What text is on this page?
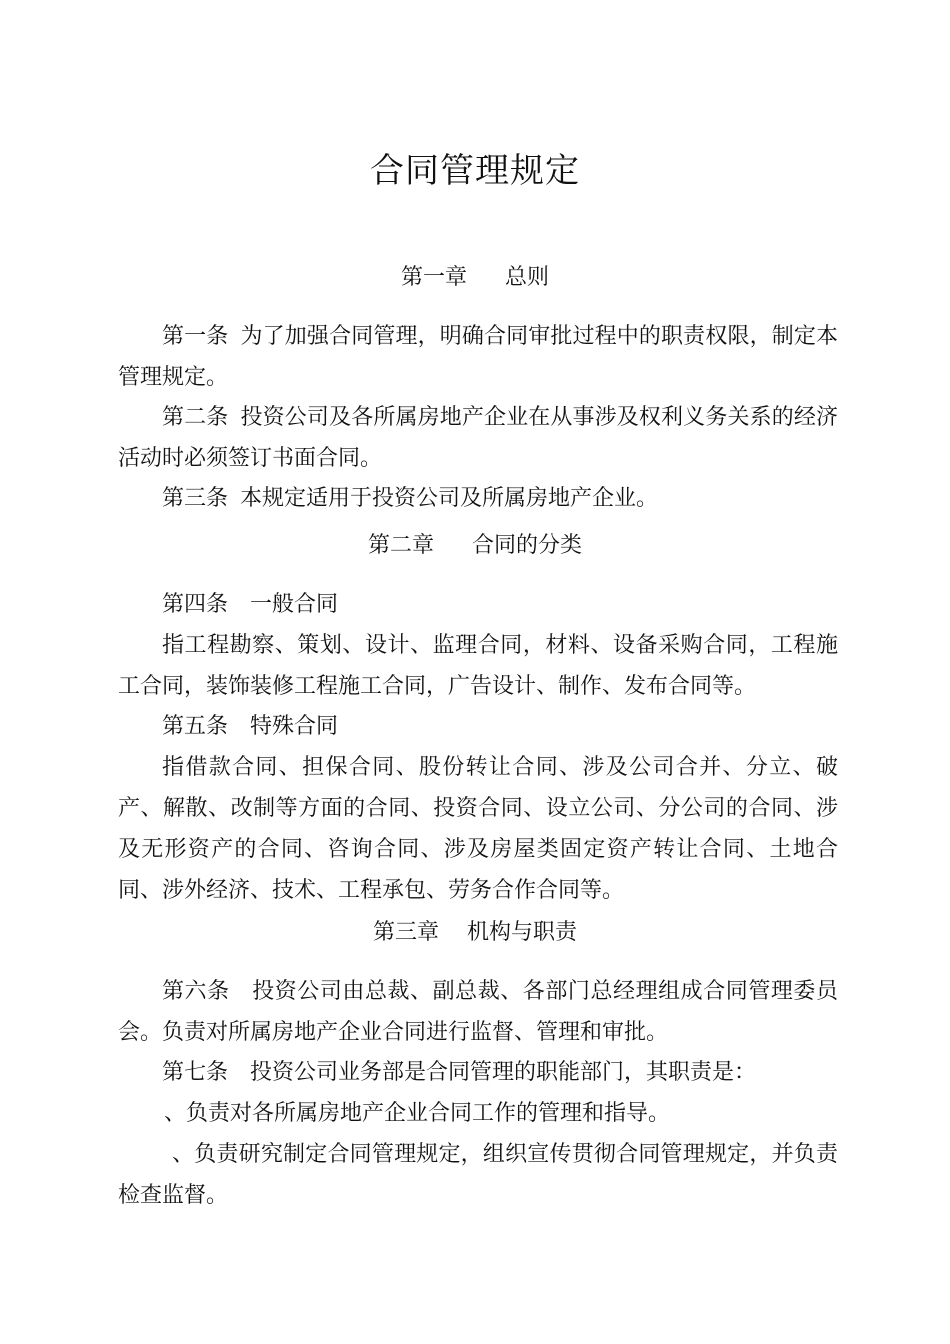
合同管理规定
第一章 总则
第一条 为了加强合同管理，明确合同审批过程中的职责权限，制定本管理规定。
第二条 投资公司及各所属房地产企业在从事涉及权利义务关系的经济活动时必须签订书面合同。
第三条 本规定适用于投资公司及所属房地产企业。
第二章 合同的分类
第四条 一般合同
指工程勘察、策划、设计、监理合同，材料、设备采购合同，工程施工合同，装饰装修工程施工合同，广告设计、制作、发布合同等。
第五条 特殊合同
指借款合同、担保合同、股份转让合同、涉及公司合并、分立、破产、解散、改制等方面的合同、投资合同、设立公司、分公司的合同、涉及无形资产的合同、咨询合同、涉及房屋类固定资产转让合同、土地合同、涉外经济、技术、工程承包、劳务合作合同等。
第三章 机构与职责
第六条 投资公司由总裁、副总裁、各部门总经理组成合同管理委员会。负责对所属房地产企业合同进行监督、管理和审批。
第七条 投资公司业务部是合同管理的职能部门，其职责是：
、负责对各所属房地产企业合同工作的管理和指导。
、负责研究制定合同管理规定，组织宣传贯彻合同管理规定，并负责检查监督。
